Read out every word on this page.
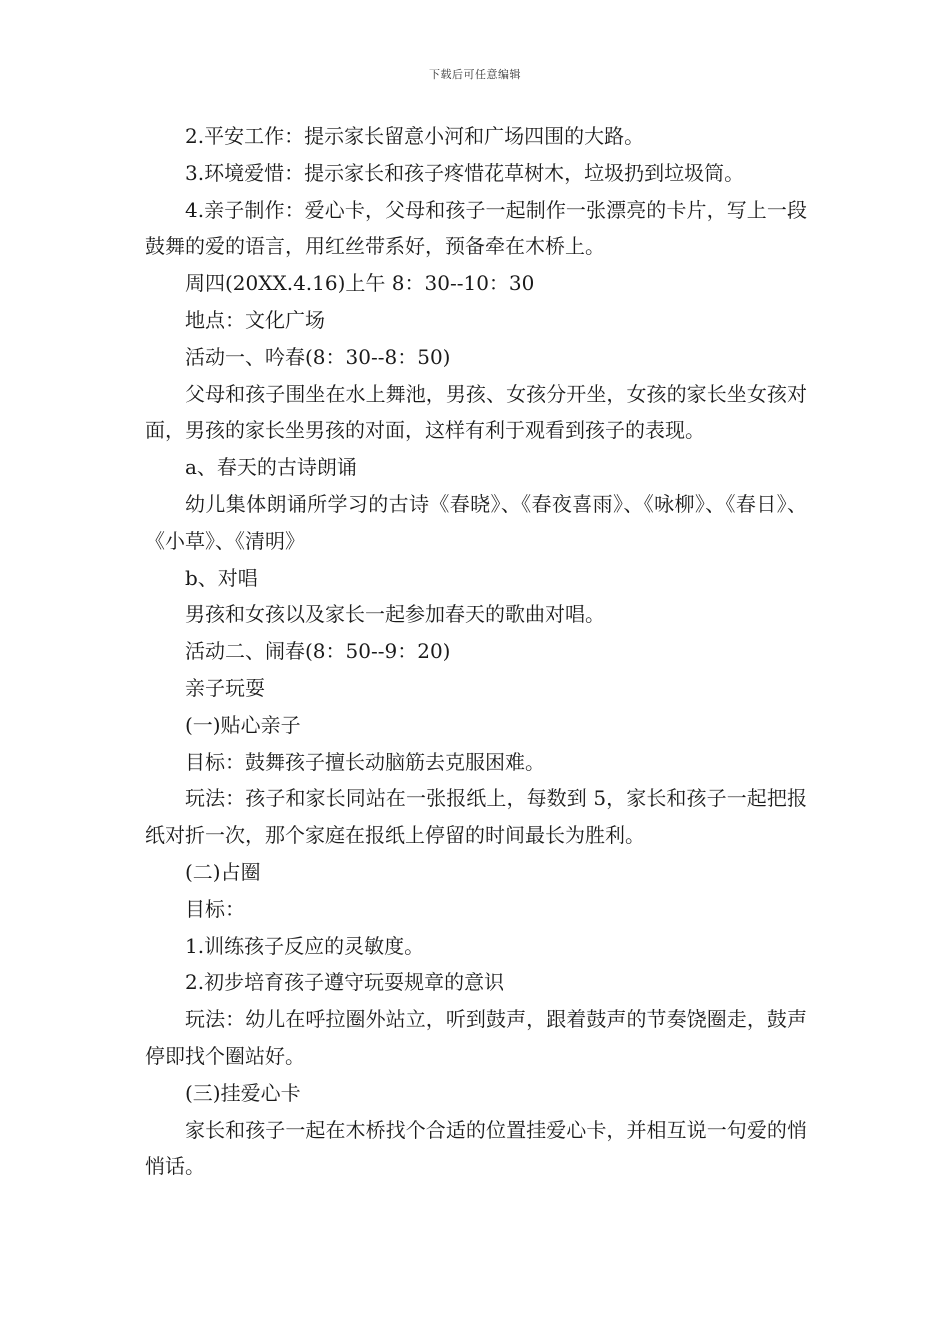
下载后可任意编辑

2.平安工作：提示家长留意小河和广场四围的大路。

3.环境爱惜：提示家长和孩子疼惜花草树木，垃圾扔到垃圾筒。

4.亲子制作：爱心卡，父母和孩子一起制作一张漂亮的卡片，写上一段鼓舞的爱的语言，用红丝带系好，预备牵在木桥上。

周四(20XX.4.16)上午 8：30--10：30

地点：文化广场

活动一、吟春(8：30--8：50)

父母和孩子围坐在水上舞池，男孩、女孩分开坐，女孩的家长坐女孩对面，男孩的家长坐男孩的对面，这样有利于观看到孩子的表现。

a、春天的古诗朗诵

幼儿集体朗诵所学习的古诗《春晓》、《春夜喜雨》、《咏柳》、《春日》、《小草》、《清明》

b、对唱

男孩和女孩以及家长一起参加春天的歌曲对唱。

活动二、闹春(8：50--9：20)

亲子玩耍

(一)贴心亲子

目标：鼓舞孩子擅长动脑筋去克服困难。

玩法：孩子和家长同站在一张报纸上，每数到 5，家长和孩子一起把报纸对折一次，那个家庭在报纸上停留的时间最长为胜利。

(二)占圈

目标：

1.训练孩子反应的灵敏度。

2.初步培育孩子遵守玩耍规章的意识

玩法：幼儿在呼拉圈外站立，听到鼓声，跟着鼓声的节奏饶圈走，鼓声停即找个圈站好。

(三)挂爱心卡

家长和孩子一起在木桥找个合适的位置挂爱心卡，并相互说一句爱的悄悄话。
